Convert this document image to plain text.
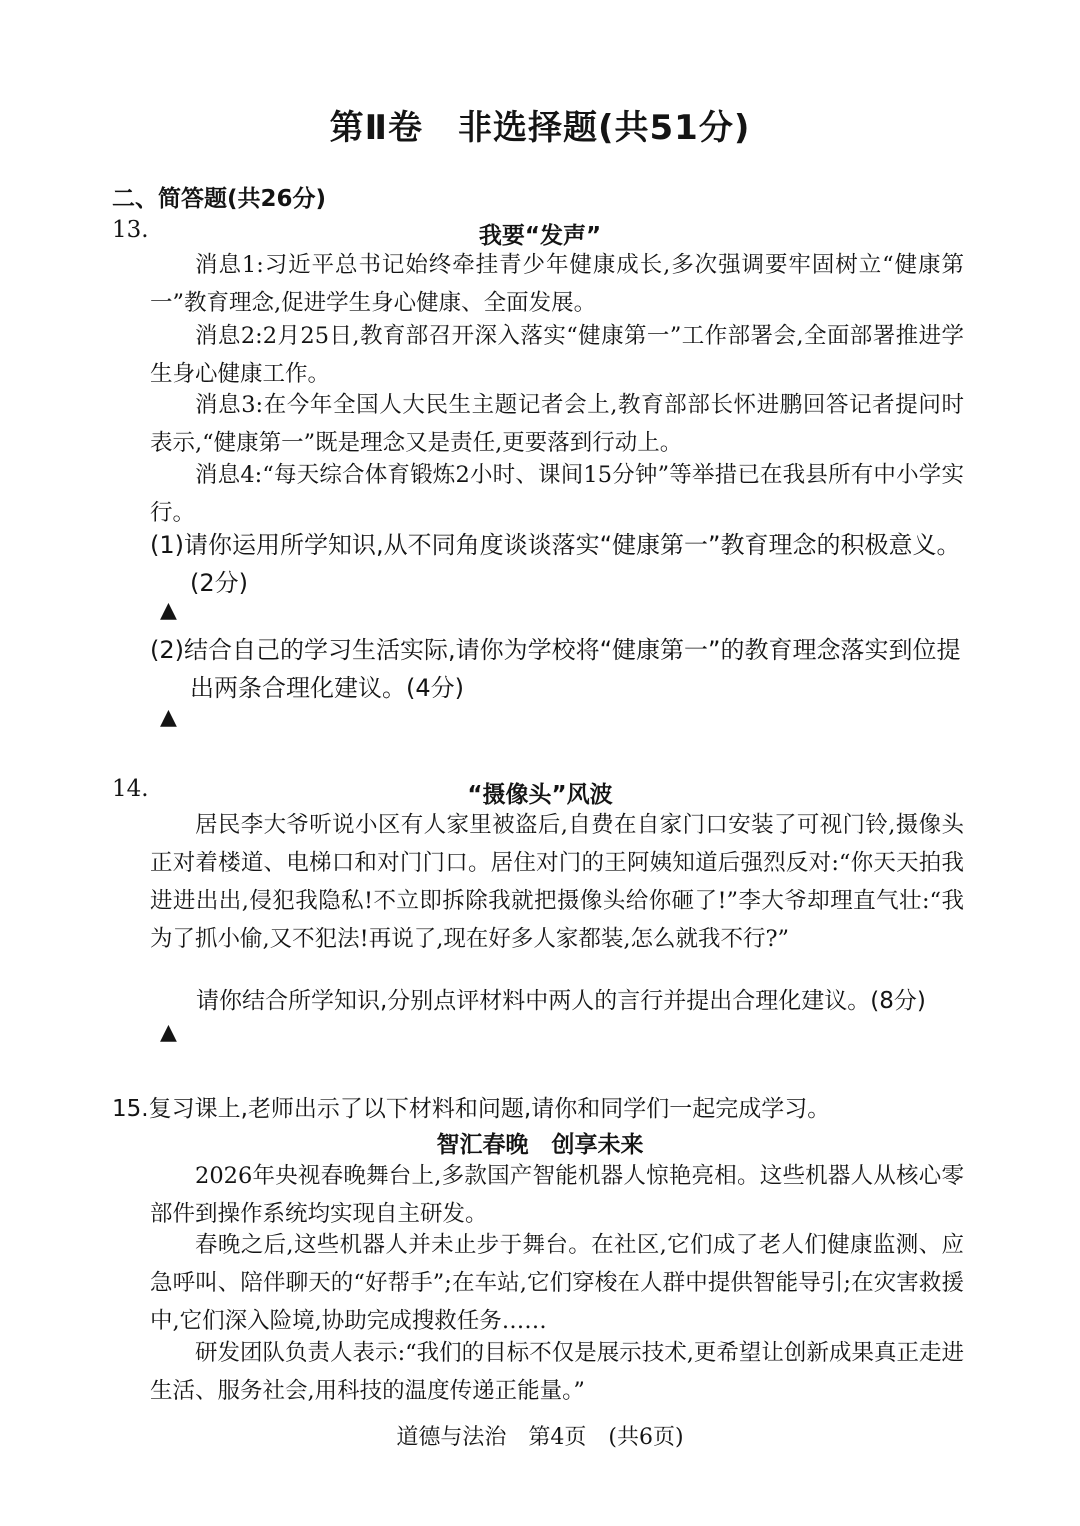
第Ⅱ卷　非选择题(共51分)
二、简答题(共26分)
13.	我要“发声”
消息1:习近平总书记始终牵挂青少年健康成长,多次强调要牢固树立“健康第一”教育理念,促进学生身心健康、全面发展。
消息2:2月25日,教育部召开深入落实“健康第一”工作部署会,全面部署推进学生身心健康工作。
消息3:在今年全国人大民生主题记者会上,教育部部长怀进鹏回答记者提问时表示,“健康第一”既是理念又是责任,更要落到行动上。
消息4:“每天综合体育锻炼2小时、课间15分钟”等举措已在我县所有中小学实行。
(1)请你运用所学知识,从不同角度谈谈落实“健康第一”教育理念的积极意义。(2分)
▲
(2)结合自己的学习生活实际,请你为学校将“健康第一”的教育理念落实到位提出两条合理化建议。(4分)
▲
14.	“摄像头”风波
居民李大爷听说小区有人家里被盗后,自费在自家门口安装了可视门铃,摄像头正对着楼道、电梯口和对门门口。居住对门的王阿姨知道后强烈反对:“你天天拍我进进出出,侵犯我隐私!不立即拆除我就把摄像头给你砸了!”李大爷却理直气壮:“我为了抓小偷,又不犯法!再说了,现在好多人家都装,怎么就我不行?”
请你结合所学知识,分别点评材料中两人的言行并提出合理化建议。(8分)
▲
15.复习课上,老师出示了以下材料和问题,请你和同学们一起完成学习。
智汇春晚　创享未来
2026年央视春晚舞台上,多款国产智能机器人惊艳亮相。这些机器人从核心零部件到操作系统均实现自主研发。
春晚之后,这些机器人并未止步于舞台。在社区,它们成了老人们健康监测、应急呼叫、陪伴聊天的“好帮手”;在车站,它们穿梭在人群中提供智能导引;在灾害救援中,它们深入险境,协助完成搜救任务……
研发团队负责人表示:“我们的目标不仅是展示技术,更希望让创新成果真正走进生活、服务社会,用科技的温度传递正能量。”
道德与法治　第4页　(共6页)
